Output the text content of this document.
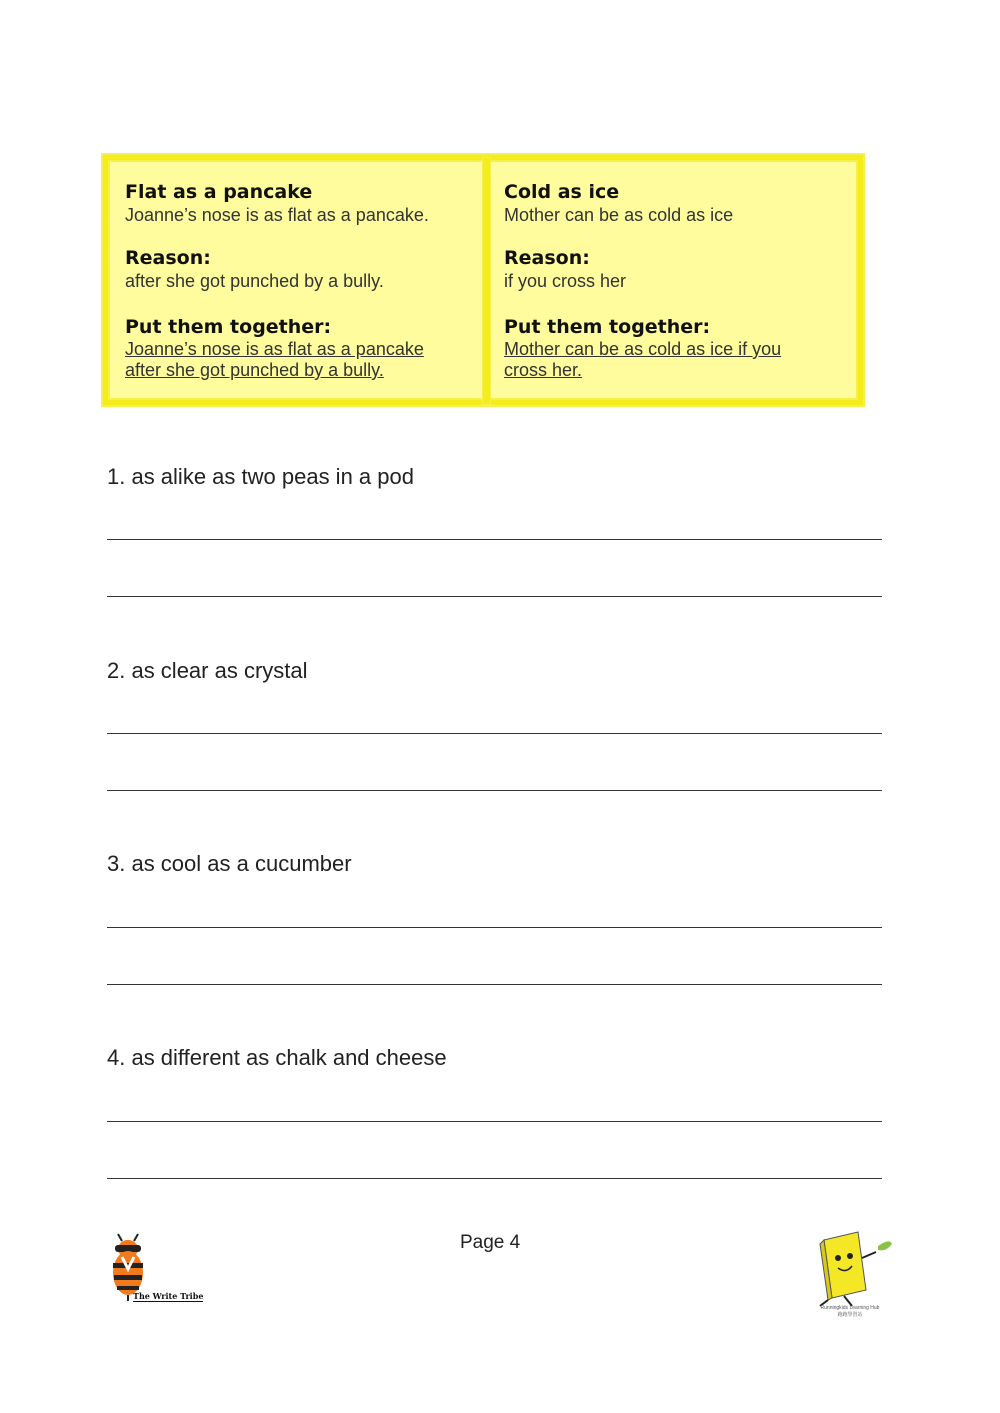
Flat as a pancake

Joanne’s nose is as flat as a pancake.

Reason:

after she got punched by a bully.

Put them together:

Joanne’s nose is as flat as a pancake

after she got punched by a bully.

Cold as ice

Mother can be as cold as ice

Reason:

if you cross her

Put them together:

Mother can be as cold as ice if you

cross her.

1. as alike as two peas in a pod
2. as clear as crystal
3. as cool as a cucumber
4. as different as chalk and cheese
Page 4
The Write Tribe
Runningkids Learning Hub
跑跑學習站
